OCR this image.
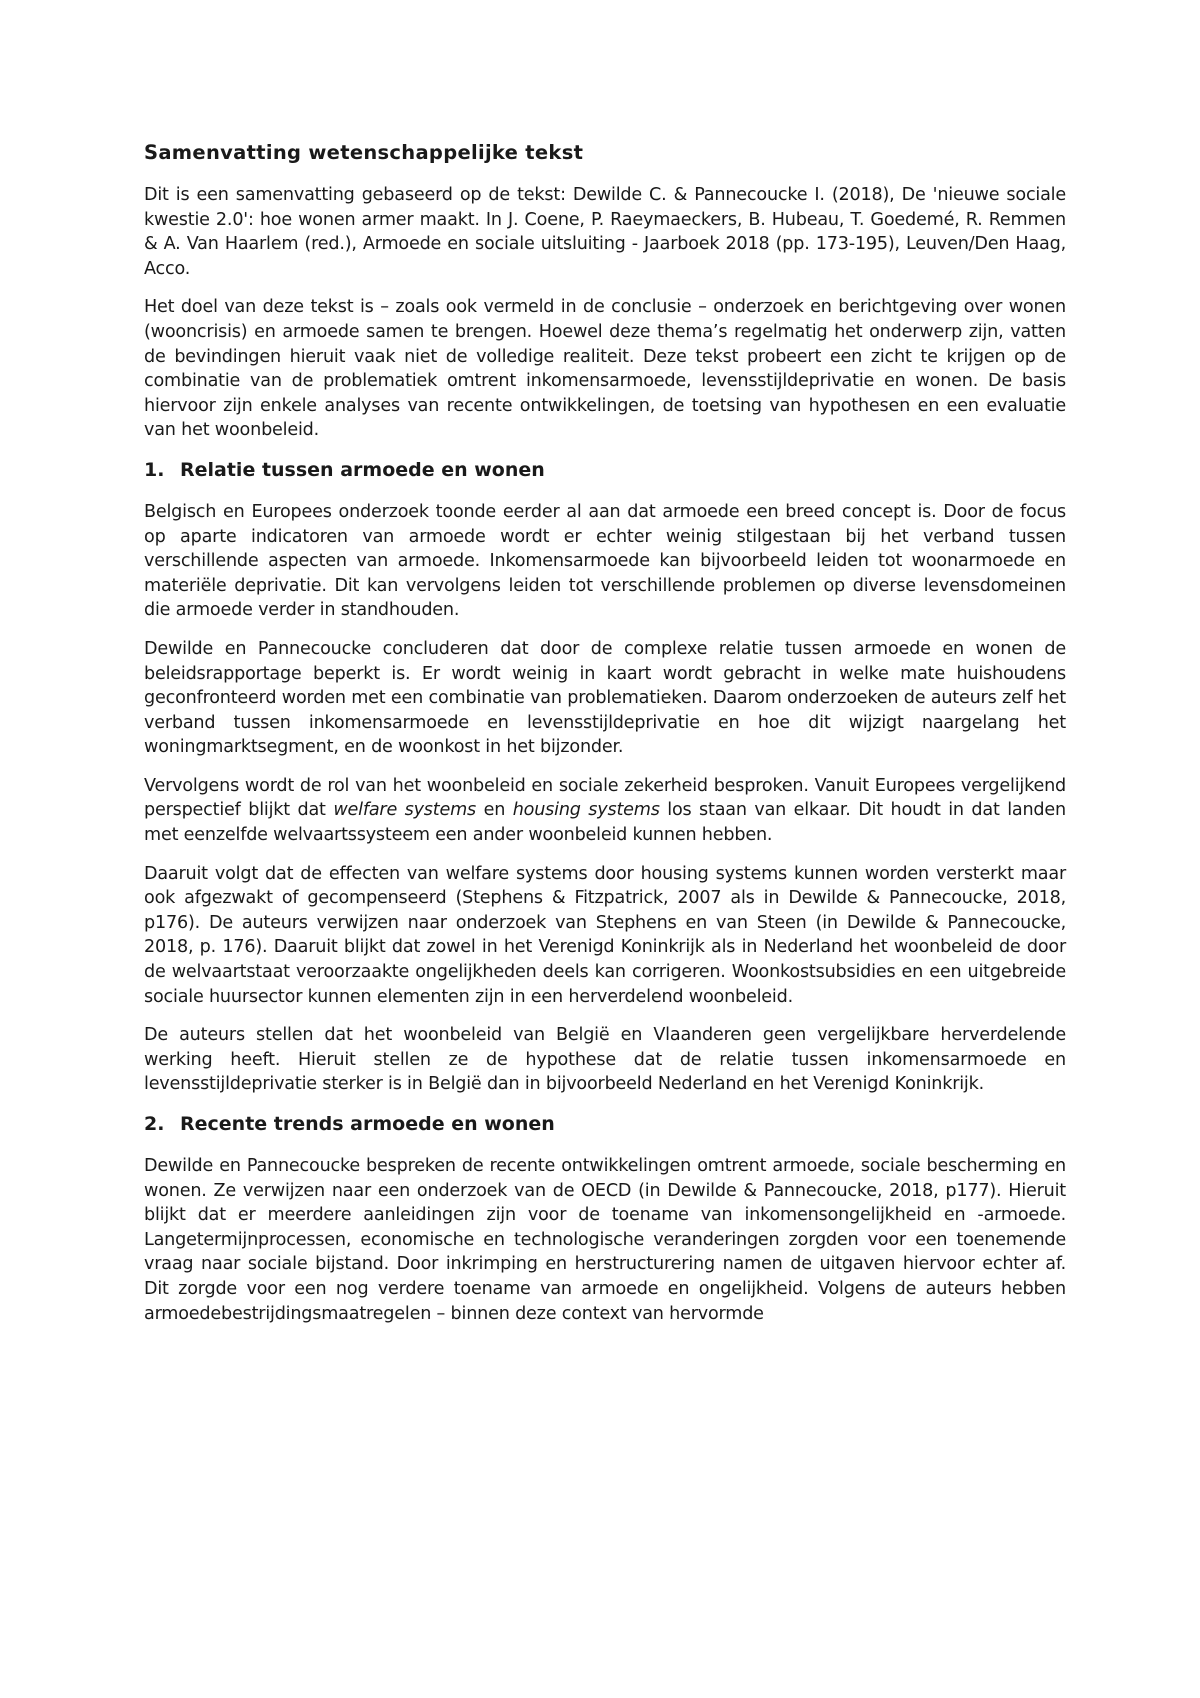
Samenvatting wetenschappelijke tekst

Dit is een samenvatting gebaseerd op de tekst: Dewilde C. & Pannecoucke I. (2018), De 'nieuwe sociale kwestie 2.0': hoe wonen armer maakt. In J. Coene, P. Raeymaeckers, B. Hubeau, T. Goedemé, R. Remmen & A. Van Haarlem (red.), Armoede en sociale uitsluiting - Jaarboek 2018 (pp. 173-195), Leuven/Den Haag, Acco.

Het doel van deze tekst is – zoals ook vermeld in de conclusie – onderzoek en berichtgeving over wonen (wooncrisis) en armoede samen te brengen. Hoewel deze thema’s regelmatig het onderwerp zijn, vatten de bevindingen hieruit vaak niet de volledige realiteit. Deze tekst probeert een zicht te krijgen op de combinatie van de problematiek omtrent inkomensarmoede, levensstijldeprivatie en wonen. De basis hiervoor zijn enkele analyses van recente ontwikkelingen, de toetsing van hypothesen en een evaluatie van het woonbeleid.

1. Relatie tussen armoede en wonen

Belgisch en Europees onderzoek toonde eerder al aan dat armoede een breed concept is. Door de focus op aparte indicatoren van armoede wordt er echter weinig stilgestaan bij het verband tussen verschillende aspecten van armoede. Inkomensarmoede kan bijvoorbeeld leiden tot woonarmoede en materiële deprivatie. Dit kan vervolgens leiden tot verschillende problemen op diverse levensdomeinen die armoede verder in standhouden.

Dewilde en Pannecoucke concluderen dat door de complexe relatie tussen armoede en wonen de beleidsrapportage beperkt is. Er wordt weinig in kaart wordt gebracht in welke mate huishoudens geconfronteerd worden met een combinatie van problematieken. Daarom onderzoeken de auteurs zelf het verband tussen inkomensarmoede en levensstijldeprivatie en hoe dit wijzigt naargelang het woningmarktsegment, en de woonkost in het bijzonder.

Vervolgens wordt de rol van het woonbeleid en sociale zekerheid besproken. Vanuit Europees vergelijkend perspectief blijkt dat welfare systems en housing systems los staan van elkaar. Dit houdt in dat landen met eenzelfde welvaartssysteem een ander woonbeleid kunnen hebben.

Daaruit volgt dat de effecten van welfare systems door housing systems kunnen worden versterkt maar ook afgezwakt of gecompenseerd (Stephens & Fitzpatrick, 2007 als in Dewilde & Pannecoucke, 2018, p176). De auteurs verwijzen naar onderzoek van Stephens en van Steen (in Dewilde & Pannecoucke, 2018, p. 176). Daaruit blijkt dat zowel in het Verenigd Koninkrijk als in Nederland het woonbeleid de door de welvaartstaat veroorzaakte ongelijkheden deels kan corrigeren. Woonkostsubsidies en een uitgebreide sociale huursector kunnen elementen zijn in een herverdelend woonbeleid.

De auteurs stellen dat het woonbeleid van België en Vlaanderen geen vergelijkbare herverdelende werking heeft. Hieruit stellen ze de hypothese dat de relatie tussen inkomensarmoede en levensstijldeprivatie sterker is in België dan in bijvoorbeeld Nederland en het Verenigd Koninkrijk.

2. Recente trends armoede en wonen

Dewilde en Pannecoucke bespreken de recente ontwikkelingen omtrent armoede, sociale bescherming en wonen. Ze verwijzen naar een onderzoek van de OECD (in Dewilde & Pannecoucke, 2018, p177). Hieruit blijkt dat er meerdere aanleidingen zijn voor de toename van inkomensongelijkheid en -armoede. Langetermijnprocessen, economische en technologische veranderingen zorgden voor een toenemende vraag naar sociale bijstand. Door inkrimping en herstructurering namen de uitgaven hiervoor echter af. Dit zorgde voor een nog verdere toename van armoede en ongelijkheid. Volgens de auteurs hebben armoedebestrijdingsmaatregelen – binnen deze context van hervormde
